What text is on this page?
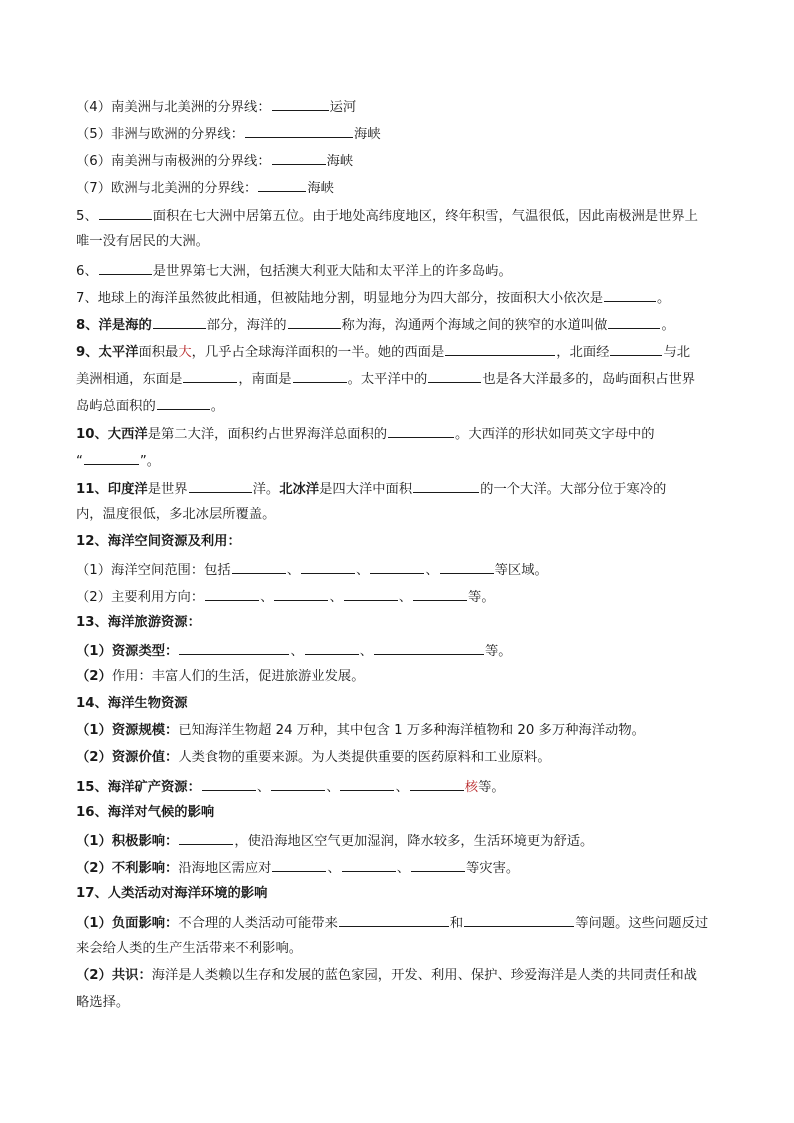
（4）南美洲与北美洲的分界线：	运河
（5）非洲与欧洲的分界线：	海峡
（6）南美洲与南极洲的分界线：	海峡
（7）欧洲与北美洲的分界线：	海峡
5、	面积在七大洲中居第五位。由于地处高纬度地区，终年积雪，气温很低，因此南极洲是世界上
唯一没有居民的大洲。
6、	是世界第七大洲，包括澳大利亚大陆和太平洋上的许多岛屿。
7、地球上的海洋虽然彼此相通，但被陆地分割，明显地分为四大部分，按面积大小依次是	。
8、洋是海的	部分，海洋的	称为海，沟通两个海域之间的狭窄的水道叫做	。
9、太平洋面积最大，几乎占全球海洋面积的一半。她的西面是	，北面经	与北
美洲相通，东面是	，南面是	。太平洋中的	也是各大洋最多的，岛屿面积占世界
岛屿总面积的	。
10、大西洋是第二大洋，面积约占世界海洋总面积的	。大西洋的形状如同英文字母中的
“	”。
11、印度洋是世界	洋。北冰洋是四大洋中面积	的一个大洋。大部分位于寒冷的
内，温度很低，多北冰层所覆盖。
12、海洋空间资源及利用：
（1）海洋空间范围：包括	、	、	、	等区域。
（2）主要利用方向：	、	、	、	等。
13、海洋旅游资源：
（1）资源类型：	、	、	等。
（2）作用：丰富人们的生活，促进旅游业发展。
14、海洋生物资源
（1）资源规模：已知海洋生物超 24 万种，其中包含 1 万多种海洋植物和 20 多万种海洋动物。
（2）资源价值：人类食物的重要来源。为人类提供重要的医药原料和工业原料。
15、海洋矿产资源：	、	、	、	核等。
16、海洋对气候的影响
（1）积极影响：	，使沿海地区空气更加湿润，降水较多，生活环境更为舒适。
（2）不利影响：沿海地区需应对	、	、	等灾害。
17、人类活动对海洋环境的影响
（1）负面影响：不合理的人类活动可能带来	和	等问题。这些问题反过
来会给人类的生产生活带来不利影响。
（2）共识：海洋是人类赖以生存和发展的蓝色家园，开发、利用、保护、珍爱海洋是人类的共同责任和战
略选择。
